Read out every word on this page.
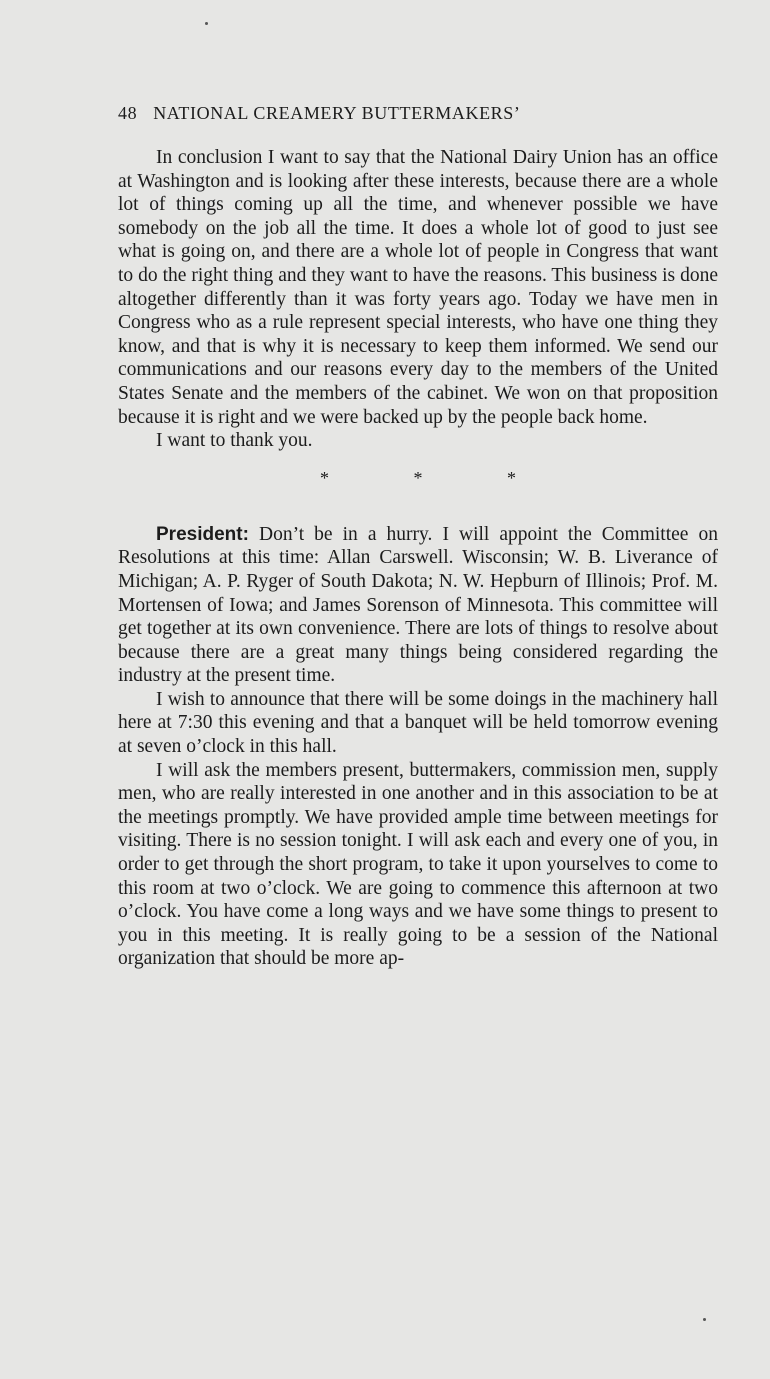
48 NATIONAL CREAMERY BUTTERMAKERS’

In conclusion I want to say that the National Dairy Union has an office at Washington and is looking after these interests, because there are a whole lot of things coming up all the time, and whenever possible we have somebody on the job all the time. It does a whole lot of good to just see what is going on, and there are a whole lot of people in Congress that want to do the right thing and they want to have the reasons. This business is done altogether differently than it was forty years ago. Today we have men in Congress who as a rule represent special interests, who have one thing they know, and that is why it is necessary to keep them informed. We send our communications and our reasons every day to the members of the United States Senate and the members of the cabinet. We won on that proposition because it is right and we were backed up by the people back home.

I want to thank you.

* * *

President: Don’t be in a hurry. I will appoint the Committee on Resolutions at this time: Allan Carswell. Wisconsin; W. B. Liverance of Michigan; A. P. Ryger of South Dakota; N. W. Hepburn of Illinois; Prof. M. Mortensen of Iowa; and James Sorenson of Minnesota. This committee will get together at its own convenience. There are lots of things to resolve about because there are a great many things being considered regarding the industry at the present time.

I wish to announce that there will be some doings in the machinery hall here at 7:30 this evening and that a banquet will be held tomorrow evening at seven o’clock in this hall.

I will ask the members present, buttermakers, commission men, supply men, who are really interested in one another and in this association to be at the meetings promptly. We have provided ample time between meetings for visiting. There is no session tonight. I will ask each and every one of you, in order to get through the short program, to take it upon yourselves to come to this room at two o’clock. We are going to commence this afternoon at two o’clock. You have come a long ways and we have some things to present to you in this meeting. It is really going to be a session of the National organization that should be more ap-
